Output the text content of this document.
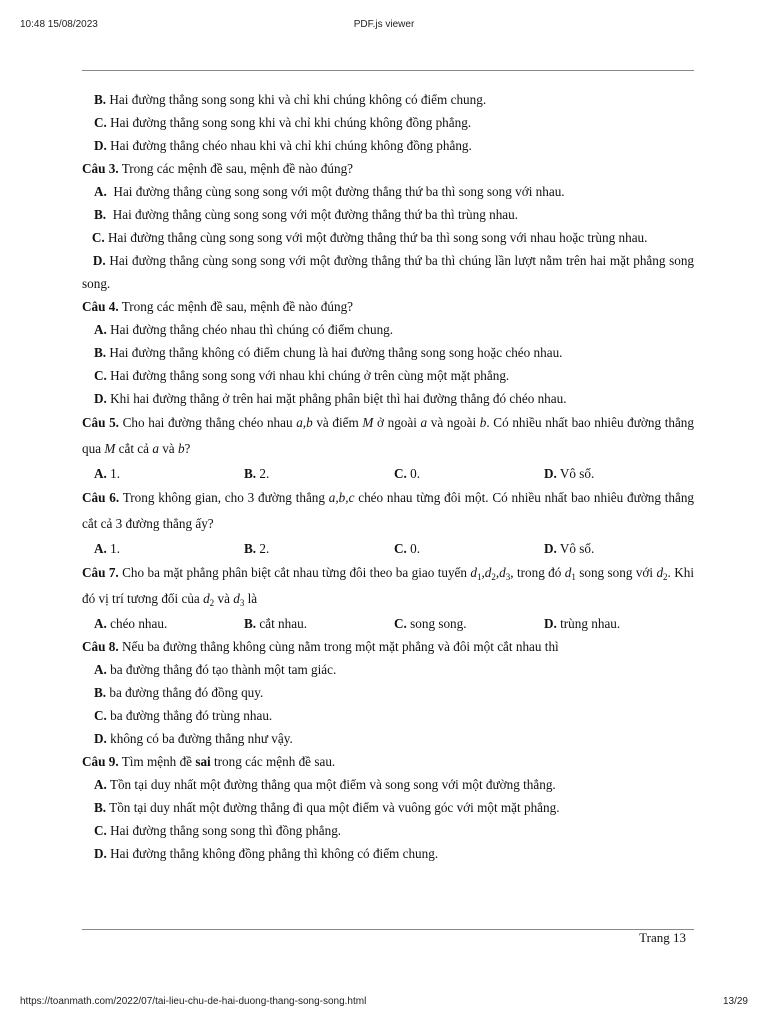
10:48 15/08/2023	PDF.js viewer

B. Hai đường thẳng song song khi và chỉ khi chúng không có điểm chung.

C. Hai đường thẳng song song khi và chỉ khi chúng không đồng phẳng.

D. Hai đường thẳng chéo nhau khi và chỉ khi chúng không đồng phẳng.

Câu 3. Trong các mệnh đề sau, mệnh đề nào đúng?

A.  Hai đường thẳng cùng song song với một đường thẳng thứ ba thì song song với nhau.

B.  Hai đường thẳng cùng song song với một đường thẳng thứ ba thì trùng nhau.

C. Hai đường thẳng cùng song song với một đường thẳng thứ ba thì song song với nhau hoặc trùng nhau.

D. Hai đường thẳng cùng song song với một đường thẳng thứ ba thì chúng lần lượt nằm trên hai mặt phẳng song song.

Câu 4. Trong các mệnh đề sau, mệnh đề nào đúng?

A. Hai đường thẳng chéo nhau thì chúng có điểm chung.

B. Hai đường thẳng không có điểm chung là hai đường thẳng song song hoặc chéo nhau.

C. Hai đường thẳng song song với nhau khi chúng ở trên cùng một mặt phẳng.

D. Khi hai đường thẳng ở trên hai mặt phẳng phân biệt thì hai đường thẳng đó chéo nhau.

Câu 5. Cho hai đường thẳng chéo nhau a,b và điểm M ở ngoài a và ngoài b. Có nhiều nhất bao nhiêu đường thẳng qua M cắt cả a và b?

A. 1.	B. 2.	C. 0.	D. Vô số.

Câu 6. Trong không gian, cho 3 đường thẳng a,b,c chéo nhau từng đôi một. Có nhiều nhất bao nhiêu đường thẳng cắt cả 3 đường thẳng ấy?

A. 1.	B. 2.	C. 0.	D. Vô số.

Câu 7. Cho ba mặt phẳng phân biệt cắt nhau từng đôi theo ba giao tuyến $d_1,d_2,d_3$, trong đó $d_1$ song song với $d_2$. Khi đó vị trí tương đối của $d_2$ và $d_3$ là

A. chéo nhau.	B. cắt nhau.	C. song song.	D. trùng nhau.

Câu 8. Nếu ba đường thẳng không cùng nằm trong một mặt phẳng và đôi một cắt nhau thì

A. ba đường thẳng đó tạo thành một tam giác.

B. ba đường thẳng đó đồng quy.

C. ba đường thẳng đó trùng nhau.

D. không có ba đường thẳng như vậy.

Câu 9. Tìm mệnh đề sai trong các mệnh đề sau.

A. Tồn tại duy nhất một đường thẳng qua một điểm và song song với một đường thẳng.

B. Tồn tại duy nhất một đường thẳng đi qua một điểm và vuông góc với một mặt phẳng.

C. Hai đường thẳng song song thì đồng phẳng.

D. Hai đường thẳng không đồng phẳng thì không có điểm chung.

Trang 13
https://toanmath.com/2022/07/tai-lieu-chu-de-hai-duong-thang-song-song.html	13/29
